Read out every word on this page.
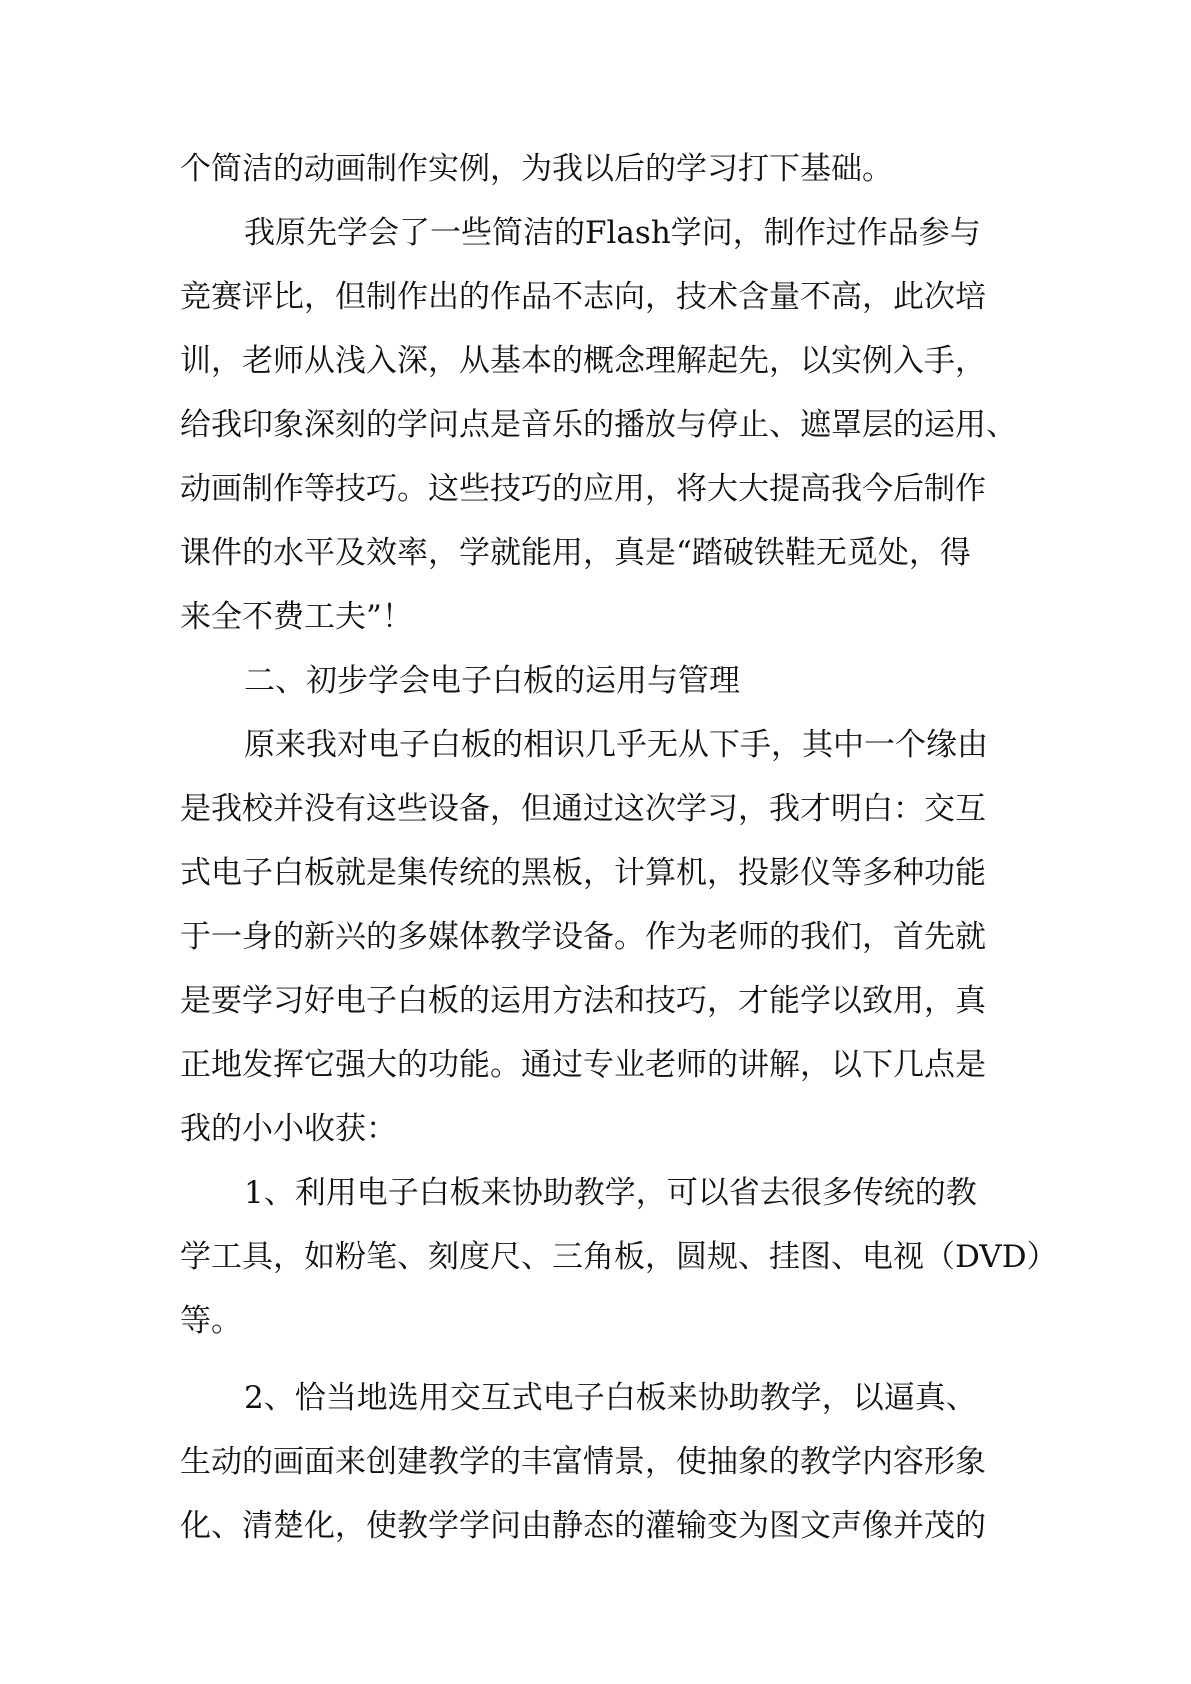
个简洁的动画制作实例，为我以后的学习打下基础。
我原先学会了一些简洁的Flash学问，制作过作品参与
竞赛评比，但制作出的作品不志向，技术含量不高，此次培
训，老师从浅入深，从基本的概念理解起先，以实例入手，
给我印象深刻的学问点是音乐的播放与停止、遮罩层的运用、
动画制作等技巧。这些技巧的应用，将大大提高我今后制作
课件的水平及效率，学就能用，真是“踏破铁鞋无觅处，得
来全不费工夫”！
二、初步学会电子白板的运用与管理
原来我对电子白板的相识几乎无从下手，其中一个缘由
是我校并没有这些设备，但通过这次学习，我才明白：交互
式电子白板就是集传统的黑板，计算机，投影仪等多种功能
于一身的新兴的多媒体教学设备。作为老师的我们，首先就
是要学习好电子白板的运用方法和技巧，才能学以致用，真
正地发挥它强大的功能。通过专业老师的讲解，以下几点是
我的小小收获：
1、利用电子白板来协助教学，可以省去很多传统的教
学工具，如粉笔、刻度尺、三角板，圆规、挂图、电视（DVD）
等。
2、恰当地选用交互式电子白板来协助教学，以逼真、
生动的画面来创建教学的丰富情景，使抽象的教学内容形象
化、清楚化，使教学学问由静态的灌输变为图文声像并茂的
